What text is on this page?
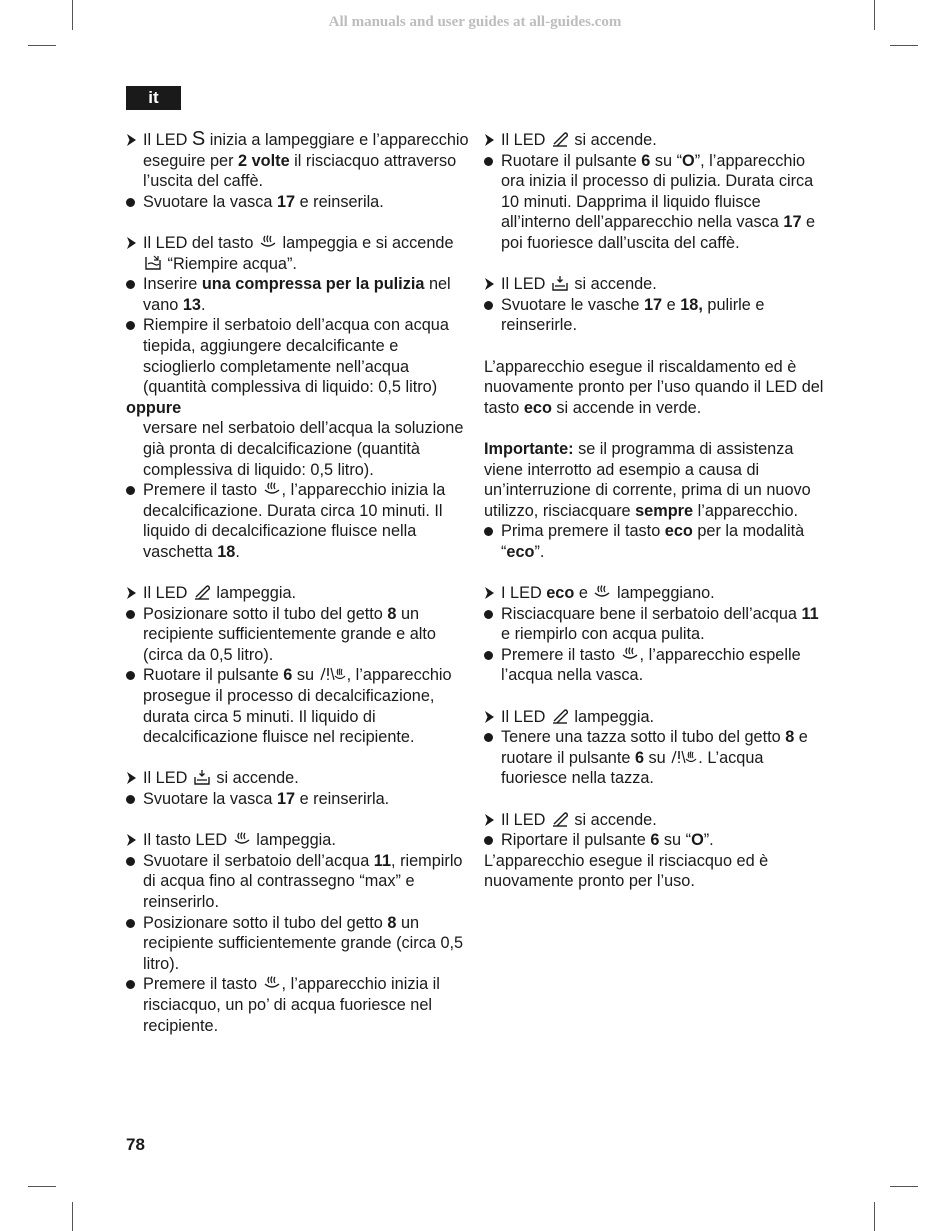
All manuals and user guides at all-guides.com
it
Il LED S inizia a lampeggiare e l’apparecchio eseguire per 2 volte il risciacquo attraverso l’uscita del caffè.
Svuotare la vasca 17 e reinserila.
Il LED del tasto
lampeggia e si accende
“Riempire acqua”.
Inserire una compressa per la pulizia nel vano 13.
Riempire il serbatoio dell’acqua con acqua tiepida, aggiungere decalcificante e scioglierlo completamente nell’acqua (quantità complessiva di liquido: 0,5 litro)
oppure
versare nel serbatoio dell’acqua la soluzione già pronta di decalcificazione (quantità complessiva di liquido: 0,5 litro).
Premere il tasto
, l’apparecchio inizia la decalcificazione. Durata circa 10 minuti. Il liquido di decalcificazione fluisce nella vaschetta 18.
Il LED
lampeggia.
Posizionare sotto il tubo del getto 8 un recipiente sufficientemente grande e alto (circa da 0,5 litro).
Ruotare il pulsante 6 su
, l’apparecchio prosegue il processo di decalcificazione, durata circa 5 minuti. Il liquido di decalcificazione fluisce nel recipiente.
Il LED
si accende.
Svuotare la vasca 17 e reinserirla.
Il tasto LED
lampeggia.
Svuotare il serbatoio dell’acqua 11, riempirlo di acqua fino al contrassegno “max” e reinserirlo.
Posizionare sotto il tubo del getto 8 un recipiente sufficientemente grande (circa 0,5 litro).
Premere il tasto
, l’apparecchio inizia il risciacquo, un po’ di acqua fuoriesce nel recipiente.
Il LED
si accende.
Ruotare il pulsante 6 su “O”, l’apparecchio ora inizia il processo di pulizia. Durata circa 10 minuti. Dapprima il liquido fluisce all’interno dell’apparecchio nella vasca 17 e poi fuoriesce dall’uscita del caffè.
Il LED
si accende.
Svuotare le vasche 17 e 18, pulirle e reinserirle.
L’apparecchio esegue il riscaldamento ed è nuovamente pronto per l’uso quando il LED del tasto eco si accende in verde.
Importante: se il programma di assistenza viene interrotto ad esempio a causa di un’interruzione di corrente, prima di un nuovo utilizzo, risciacquare sempre l’apparecchio.
Prima premere il tasto eco per la modalità “eco”.
I LED eco e
lampeggiano.
Risciacquare bene il serbatoio dell’acqua 11 e riempirlo con acqua pulita.
Premere il tasto
, l’apparecchio espelle l’acqua nella vasca.
Il LED
lampeggia.
Tenere una tazza sotto il tubo del getto 8 e ruotare il pulsante 6 su
. L’acqua fuoriesce nella tazza.
Il LED
si accende.
Riportare il pulsante 6 su “O”.
L’apparecchio esegue il risciacquo ed è nuovamente pronto per l’uso.
78
